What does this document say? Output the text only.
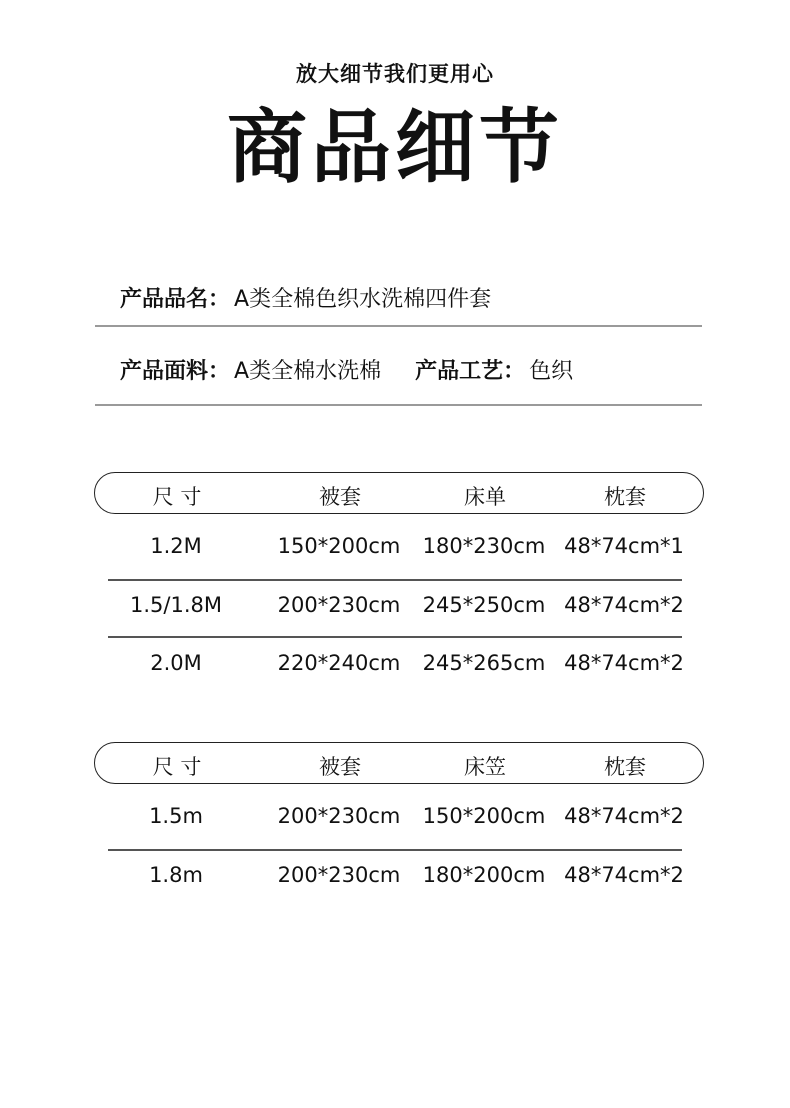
放大细节我们更用心
商品细节
产品品名： A类全棉色织水洗棉四件套
产品面料： A类全棉水洗棉 产品工艺： 色织
尺 寸	被套	床单	枕套
1.2M	150*200cm 180*230cm 48*74cm*1
1.5/1.8M	200*230cm 245*250cm 48*74cm*2
2.0M	220*240cm 245*265cm 48*74cm*2
尺 寸	被套	床笠	枕套
1.5m	200*230cm 150*200cm 48*74cm*2
1.8m	200*230cm 180*200cm 48*74cm*2
